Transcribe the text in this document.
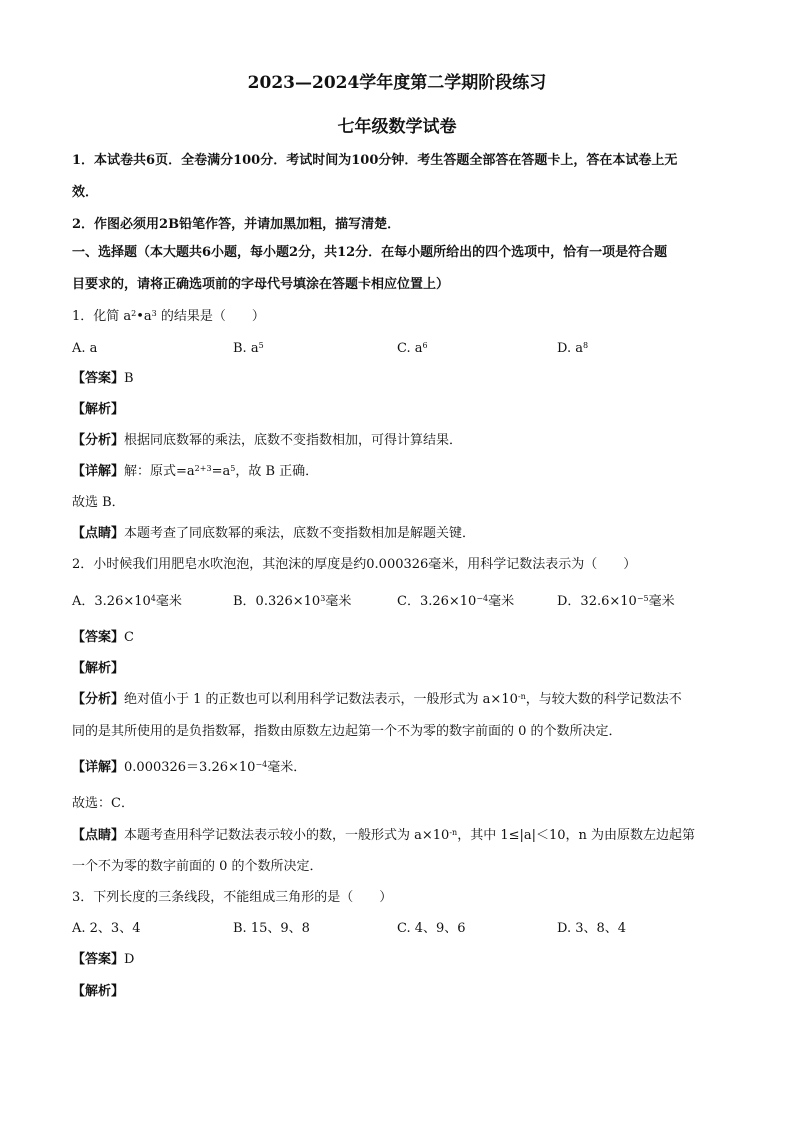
2023—2024学年度第二学期阶段练习
七年级数学试卷
1．本试卷共6页．全卷满分100分．考试时间为100分钟．考生答题全部答在答题卡上，答在本试卷上无
效．
2．作图必须用2B铅笔作答，并请加黑加粗，描写清楚．
一、选择题（本大题共6小题，每小题2分，共12分．在每小题所给出的四个选项中，恰有一项是符合题
目要求的，请将正确选项前的字母代号填涂在答题卡相应位置上）
1．化简 $a^2•a^3$ 的结果是（　　）
A. a	B. $a^5$	C. $a^6$	D. $a^8$
【答案】B
【解析】
【分析】根据同底数幂的乘法，底数不变指数相加，可得计算结果．
【详解】解：原式$=a^{2+3}=a^5$，故 B 正确．
故选 B．
【点睛】本题考查了同底数幂的乘法，底数不变指数相加是解题关键．
2．小时候我们用肥皂水吹泡泡，其泡沫的厚度是约0.000326毫米，用科学记数法表示为（　　）
A．$3.26\times 10^4$毫米	B．$0.326\times 10^3$毫米	C．$3.26\times 10^{-4}$毫米	D．$32.6\times 10^{-5}$毫米
【答案】C
【解析】
【分析】绝对值小于 1 的正数也可以利用科学记数法表示，一般形式为 $a\times 10^{-n}$，与较大数的科学记数法不
同的是其所使用的是负指数幂，指数由原数左边起第一个不为零的数字前面的 0 的个数所决定．
【详解】$0.000326=3.26\times 10^{-4}$毫米．
故选：C．
【点睛】本题考查用科学记数法表示较小的数，一般形式为 $a\times 10^{-n}$，其中 1≤|a|＜10，n 为由原数左边起第
一个不为零的数字前面的 0 的个数所决定．
3．下列长度的三条线段，不能组成三角形的是（　　）
A. 2、3、4	B. 15、9、8	C. 4、9、6	D. 3、8、4
【答案】D
【解析】
